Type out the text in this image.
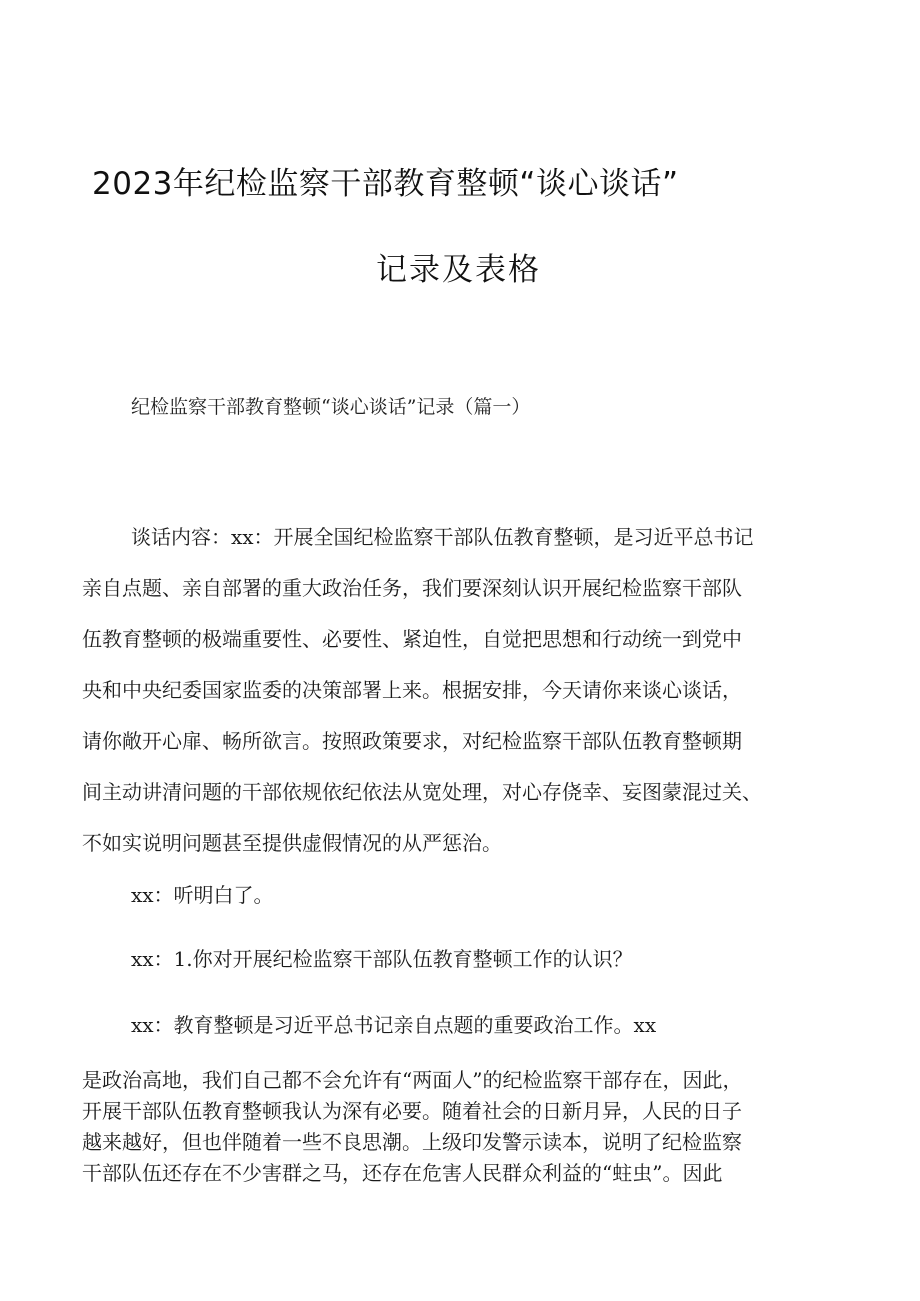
2023年纪检监察干部教育整顿“谈心谈话”
记录及表格
纪检监察干部教育整顿“谈心谈话”记录（篇一）
谈话内容：xx：开展全国纪检监察干部队伍教育整顿，是习近平总书记
亲自点题、亲自部署的重大政治任务，我们要深刻认识开展纪检监察干部队
伍教育整顿的极端重要性、必要性、紧迫性，自觉把思想和行动统一到党中
央和中央纪委国家监委的决策部署上来。根据安排，今天请你来谈心谈话，
请你敞开心扉、畅所欲言。按照政策要求，对纪检监察干部队伍教育整顿期
间主动讲清问题的干部依规依纪依法从宽处理，对心存侥幸、妄图蒙混过关、
不如实说明问题甚至提供虚假情况的从严惩治。
xx：听明白了。
xx：1.你对开展纪检监察干部队伍教育整顿工作的认识？
xx：教育整顿是习近平总书记亲自点题的重要政治工作。xx
是政治高地，我们自己都不会允许有“两面人”的纪检监察干部存在，因此，
开展干部队伍教育整顿我认为深有必要。随着社会的日新月异，人民的日子
越来越好，但也伴随着一些不良思潮。上级印发警示读本，说明了纪检监察
干部队伍还存在不少害群之马，还存在危害人民群众利益的“蛀虫”。因此
